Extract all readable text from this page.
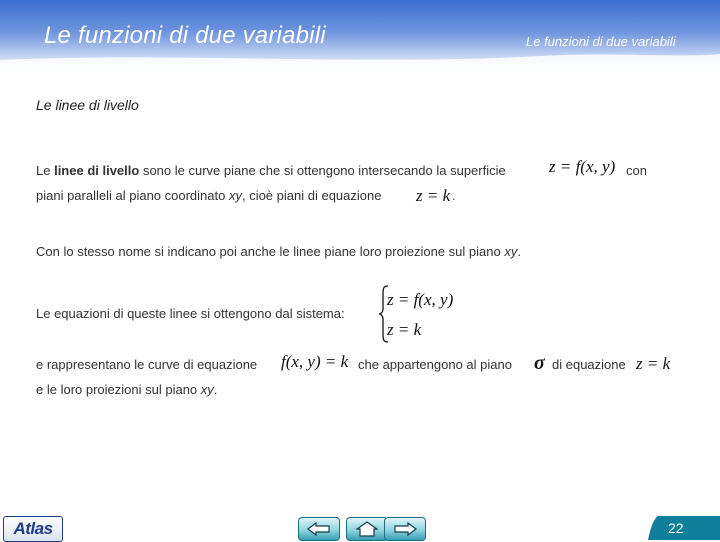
Le funzioni di due variabili	Le funzioni di due variabili
Le linee di livello
Le linee di livello sono le curve piane che si ottengono intersecando la superficie	z = f(x, y) con
piani paralleli al piano coordinato xy, cioè piani di equazione z = k .
Con lo stesso nome si indicano poi anche le linee piane loro proiezione sul piano xy.
Le equazioni di queste linee si ottengono dal sistema:
z = f(x, y)
z = k
e rappresentano le curve di equazione f(x, y) = k che appartengono al piano σ di equazione z = k
e le loro proiezioni sul piano xy.
Atlas	22
